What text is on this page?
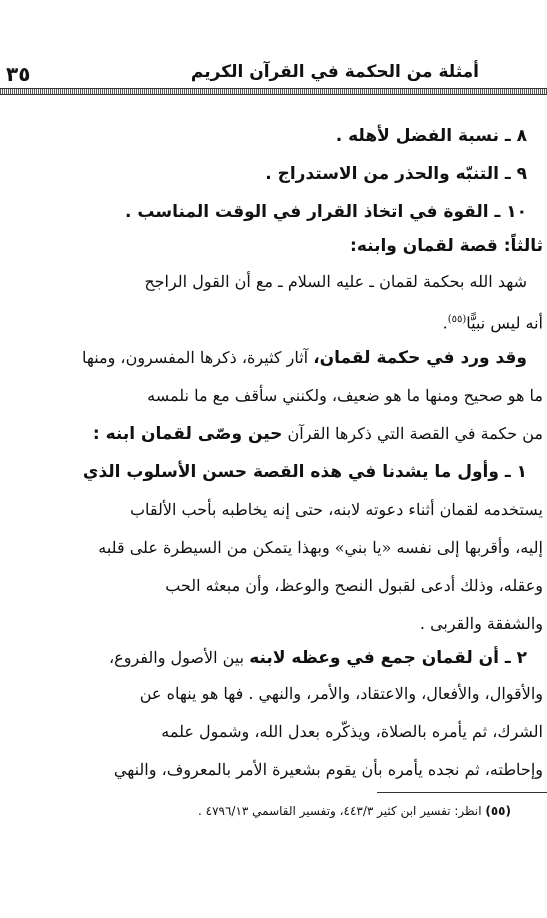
٣٥	أمثلة من الحكمة في القرآن الكريم
٨ ـ نسبة الفضل لأهله .
٩ ـ التنبّه والحذر من الاستدراج .
١٠ ـ القوة في اتخاذ القرار في الوقت المناسب .
ثالثاً: قصة لقمان وابنه:
شهد الله بحكمة لقمان ـ عليه السلام ـ مع أن القول الراجح
أنه ليس نبيًّا$^{(٥٥)}$.
وقد ورد في حكمة لقمان، آثار كثيرة، ذكرها المفسرون، ومنها
ما هو صحيح ومنها ما هو ضعيف، ولكنني سأقف مع ما نلمسه
من حكمة في القصة التي ذكرها القرآن حين وصّى لقمان ابنه :
١ ـ وأول ما يشدنا في هذه القصة حسن الأسلوب الذي
يستخدمه لقمان أثناء دعوته لابنه، حتى إنه يخاطبه بأحب الألقاب
إليه، وأقربها إلى نفسه «يا بني» وبهذا يتمكن من السيطرة على قلبه
وعقله، وذلك أدعى لقبول النصح والوعظ، وأن مبعثه الحب
والشفقة والقربى .
٢ ـ أن لقمان جمع في وعظه لابنه بين الأصول والفروع،
والأقوال، والأفعال، والاعتقاد، والأمر، والنهي . فها هو ينهاه عن
الشرك، ثم يأمره بالصلاة، ويذكّره بعدل الله، وشمول علمه
وإحاطته، ثم نجده يأمره بأن يقوم بشعيرة الأمر بالمعروف، والنهي
(٥٥) انظر: تفسير ابن كثير ٤٤٣/٣، وتفسير القاسمي ٤٧٩٦/١٣ .
